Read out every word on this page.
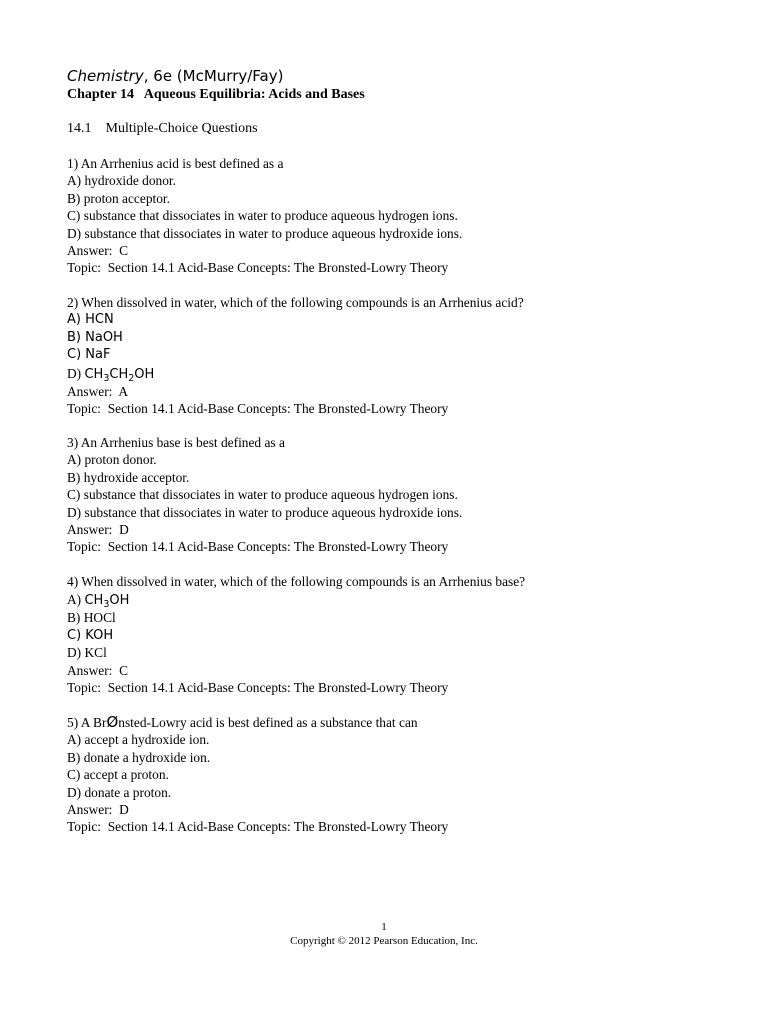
Chemistry, 6e (McMurry/Fay)
Chapter 14   Aqueous Equilibria: Acids and Bases
14.1    Multiple-Choice Questions
1) An Arrhenius acid is best defined as a
A) hydroxide donor.
B) proton acceptor.
C) substance that dissociates in water to produce aqueous hydrogen ions.
D) substance that dissociates in water to produce aqueous hydroxide ions.
Answer:  C
Topic:  Section 14.1 Acid-Base Concepts: The Bronsted-Lowry Theory
2) When dissolved in water, which of the following compounds is an Arrhenius acid?
A) HCN
B) NaOH
C) NaF
D) $CH_3CH_2OH$
Answer:  A
Topic:  Section 14.1 Acid-Base Concepts: The Bronsted-Lowry Theory
3) An Arrhenius base is best defined as a
A) proton donor.
B) hydroxide acceptor.
C) substance that dissociates in water to produce aqueous hydrogen ions.
D) substance that dissociates in water to produce aqueous hydroxide ions.
Answer:  D
Topic:  Section 14.1 Acid-Base Concepts: The Bronsted-Lowry Theory
4) When dissolved in water, which of the following compounds is an Arrhenius base?
A) $CH_3OH$
B) HOCl
C) KOH
D) KCl
Answer:  C
Topic:  Section 14.1 Acid-Base Concepts: The Bronsted-Lowry Theory
5) A BrØnsted-Lowry acid is best defined as a substance that can
A) accept a hydroxide ion.
B) donate a hydroxide ion.
C) accept a proton.
D) donate a proton.
Answer:  D
Topic:  Section 14.1 Acid-Base Concepts: The Bronsted-Lowry Theory
1
Copyright © 2012 Pearson Education, Inc.
